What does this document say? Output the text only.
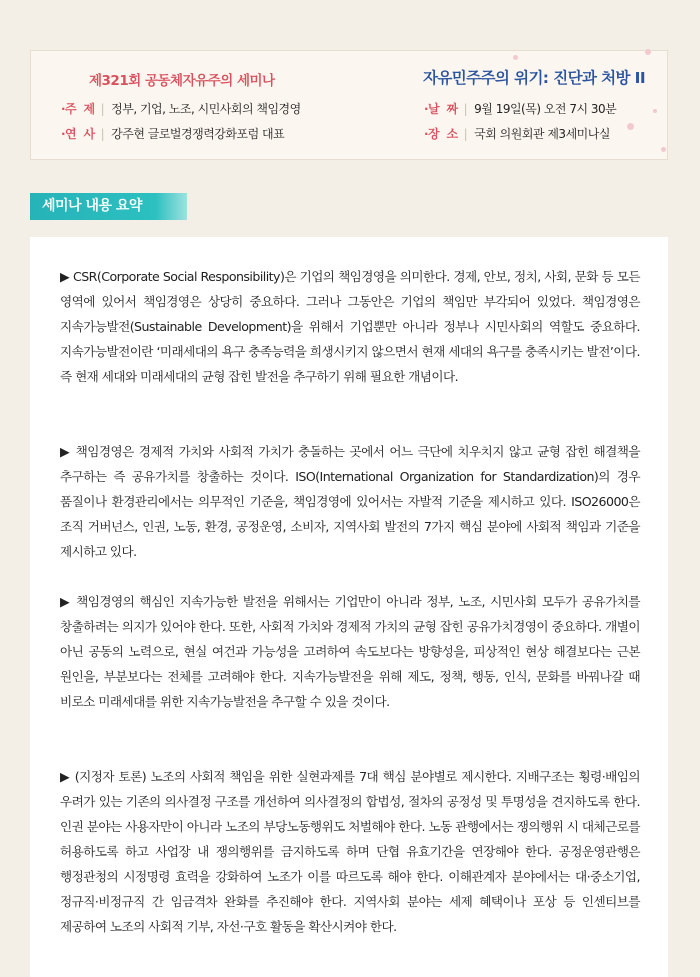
제321회 공동체자유주의 세미나	자유민주주의 위기: 진단과 처방 II
·주  제 | 정부, 기업, 노조, 시민사회의 책임경영
·연  사 | 강주현 글로벌경쟁력강화포럼 대표
·날  짜 | 9월 19일(목) 오전 7시 30분
·장  소 | 국회 의원회관 제3세미나실
세미나 내용 요약

▶ CSR(Corporate Social Responsibility)은 기업의 책임경영을 의미한다. 경제, 안보, 정치, 사회, 문화 등 모든 영역에 있어서 책임경영은 상당히 중요하다. 그러나 그동안은 기업의 책임만 부각되어 있었다. 책임경영은 지속가능발전(Sustainable Development)을 위해서 기업뿐만 아니라 정부나 시민사회의 역할도 중요하다. 지속가능발전이란 ‘미래세대의 욕구 충족능력을 희생시키지 않으면서 현재 세대의 욕구를 충족시키는 발전’이다. 즉 현재 세대와 미래세대의 균형 잡힌 발전을 추구하기 위해 필요한 개념이다.

▶ 책임경영은 경제적 가치와 사회적 가치가 충돌하는 곳에서 어느 극단에 치우치지 않고 균형 잡힌 해결책을 추구하는 즉 공유가치를 창출하는 것이다. ISO(International Organization for Standardization)의 경우 품질이나 환경관리에서는 의무적인 기준을, 책임경영에 있어서는 자발적 기준을 제시하고 있다. ISO26000은 조직 거버넌스, 인권, 노동, 환경, 공정운영, 소비자, 지역사회 발전의 7가지 핵심 분야에 사회적 책임과 기준을 제시하고 있다.

▶ 책임경영의 핵심인 지속가능한 발전을 위해서는 기업만이 아니라 정부, 노조, 시민사회 모두가 공유가치를 창출하려는 의지가 있어야 한다. 또한, 사회적 가치와 경제적 가치의 균형 잡힌 공유가치경영이 중요하다. 개별이 아닌 공동의 노력으로, 현실 여건과 가능성을 고려하여 속도보다는 방향성을, 피상적인 현상 해결보다는 근본 원인을, 부분보다는 전체를 고려해야 한다. 지속가능발전을 위해 제도, 정책, 행동, 인식, 문화를 바꿔나갈 때 비로소 미래세대를 위한 지속가능발전을 추구할 수 있을 것이다.

▶ (지정자 토론) 노조의 사회적 책임을 위한 실현과제를 7대 핵심 분야별로 제시한다. 지배구조는 횡령·배임의 우려가 있는 기존의 의사결정 구조를 개선하여 의사결정의 합법성, 절차의 공정성 및 투명성을 견지하도록 한다. 인권 분야는 사용자만이 아니라 노조의 부당노동행위도 처벌해야 한다. 노동 관행에서는 쟁의행위 시 대체근로를 허용하도록 하고 사업장 내 쟁의행위를 금지하도록 하며 단협 유효기간을 연장해야 한다. 공정운영관행은 행정관청의 시정명령 효력을 강화하여 노조가 이를 따르도록 해야 한다. 이해관계자 분야에서는 대·중소기업, 정규직·비정규직 간 임금격차 완화를 추진해야 한다. 지역사회 분야는 세제 혜택이나 포상 등 인센티브를 제공하여 노조의 사회적 기부, 자선·구호 활동을 확산시켜야 한다.
